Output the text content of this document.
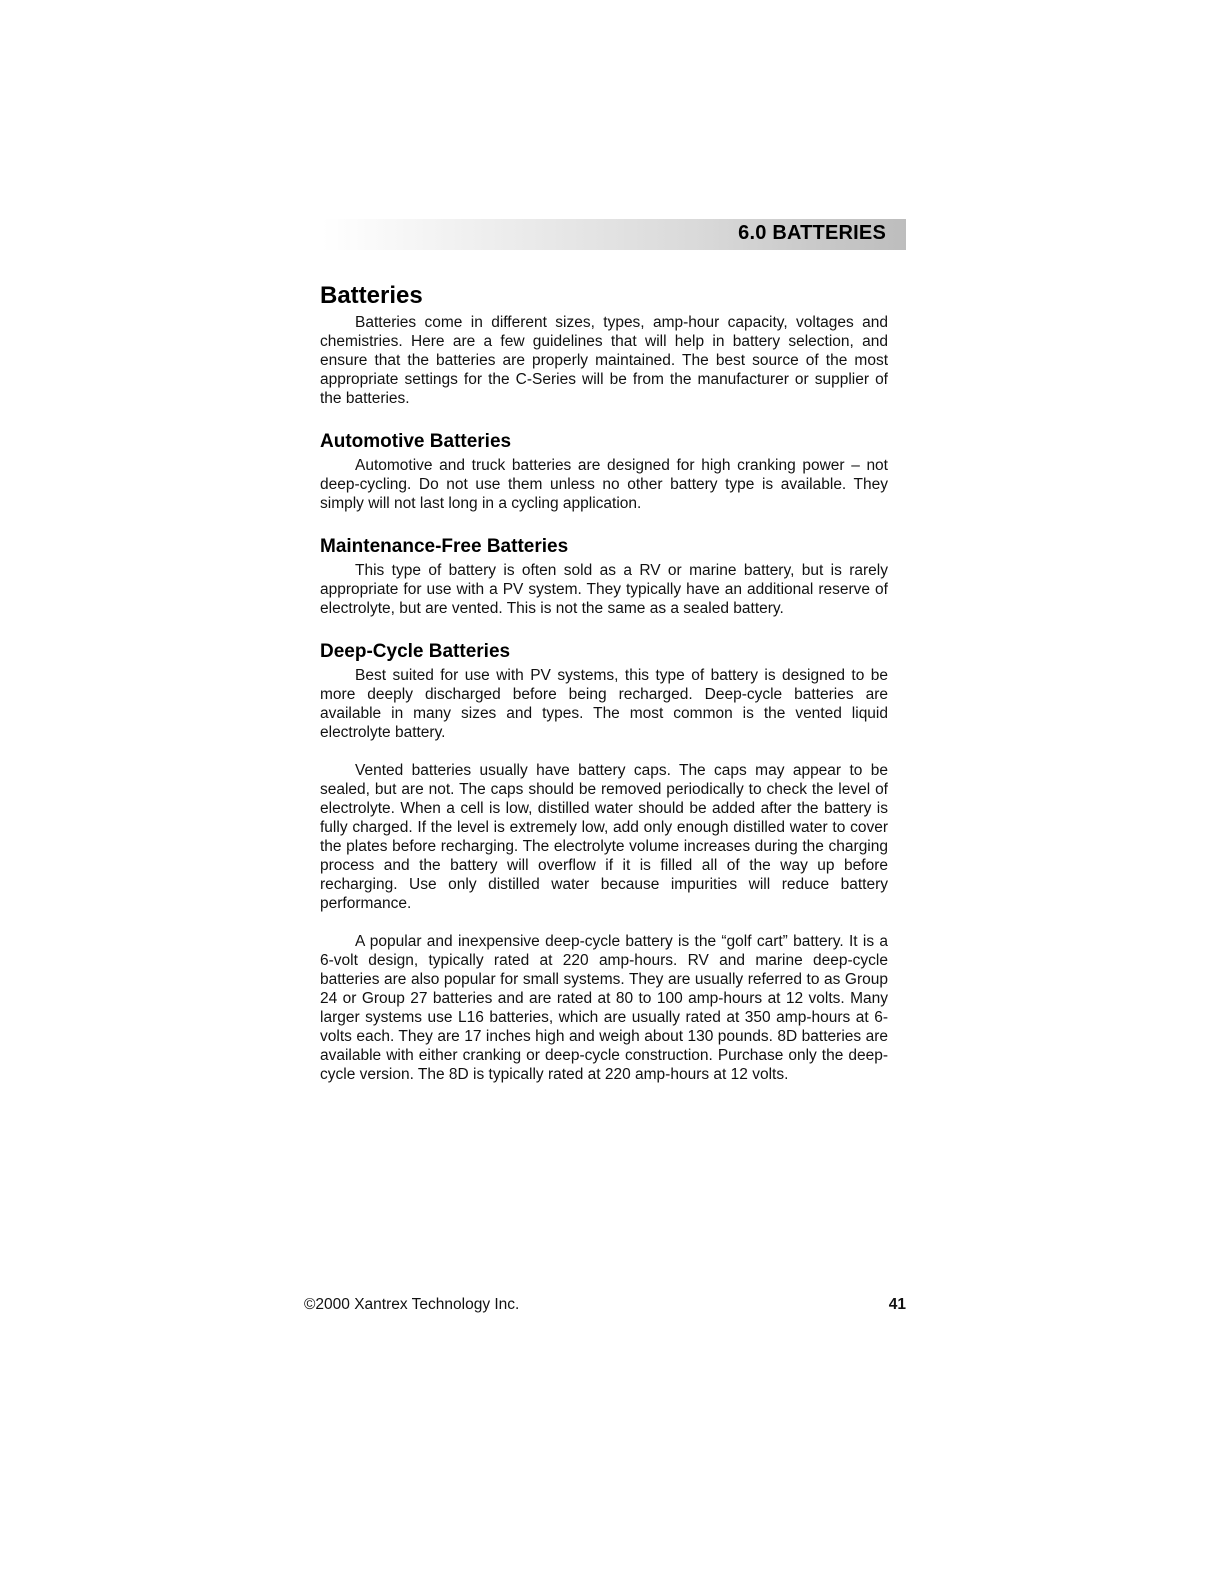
6.0 BATTERIES
Batteries

Batteries come in different sizes, types, amp-hour capacity, voltages and chemistries. Here are a few guidelines that will help in battery selection, and ensure that the batteries are properly maintained. The best source of the most appropriate settings for the C-Series will be from the manufacturer or supplier of the batteries.

Automotive Batteries

Automotive and truck batteries are designed for high cranking power – not deep-cycling. Do not use them unless no other battery type is available. They simply will not last long in a cycling application.

Maintenance-Free Batteries

This type of battery is often sold as a RV or marine battery, but is rarely appropriate for use with a PV system. They typically have an additional reserve of electrolyte, but are vented. This is not the same as a sealed battery.

Deep-Cycle Batteries

Best suited for use with PV systems, this type of battery is designed to be more deeply discharged before being recharged. Deep-cycle batteries are available in many sizes and types. The most common is the vented liquid electrolyte battery.

Vented batteries usually have battery caps. The caps may appear to be sealed, but are not. The caps should be removed periodically to check the level of electrolyte. When a cell is low, distilled water should be added after the battery is fully charged. If the level is extremely low, add only enough distilled water to cover the plates before recharging. The electrolyte volume increases during the charging process and the battery will overflow if it is filled all of the way up before recharging. Use only distilled water because impurities will reduce battery performance.

A popular and inexpensive deep-cycle battery is the “golf cart” battery. It is a 6-volt design, typically rated at 220 amp-hours. RV and marine deep-cycle batteries are also popular for small systems. They are usually referred to as Group 24 or Group 27 batteries and are rated at 80 to 100 amp-hours at 12 volts. Many larger systems use L16 batteries, which are usually rated at 350 amp-hours at 6-volts each. They are 17 inches high and weigh about 130 pounds. 8D batteries are available with either cranking or deep-cycle construction. Purchase only the deep-cycle version. The 8D is typically rated at 220 amp-hours at 12 volts.

©2000 Xantrex Technology Inc.	41
